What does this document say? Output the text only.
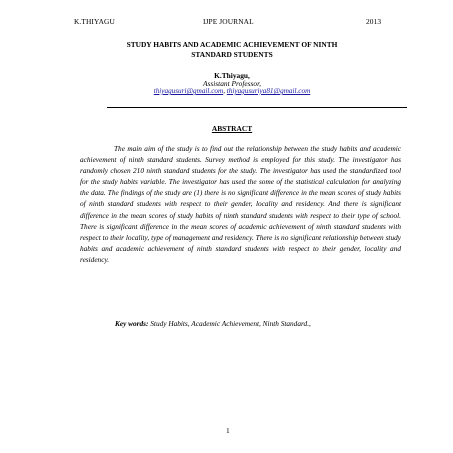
K.THIYAGU	IJPE JOURNAL	2013
STUDY HABITS AND ACADEMIC ACHIEVEMENT OF NINTH
STANDARD STUDENTS
K.Thiyagu,
Assistant Professor,
thiyagusuri@gmail.com, thiyagusuriya81@gmail.com
ABSTRACT

The main aim of the study is to find out the relationship between the study habits and academic achievement of ninth standard students. Survey method is employed for this study. The investigator has randomly chosen 210 ninth standard students for the study. The investigator has used the standardized tool for the study habits variable. The investigator has used the some of the statistical calculation for analyzing the data. The findings of the study are (1) there is no significant difference in the mean scores of study habits of ninth standard students with respect to their gender, locality and residency. And there is significant difference in the mean scores of study habits of ninth standard students with respect to their type of school. There is significant difference in the mean scores of academic achievement of ninth standard students with respect to their locality, type of management and residency. There is no significant relationship between study habits and academic achievement of ninth standard students with respect to their gender, locality and residency.

Key words: Study Habits, Academic Achievement, Ninth Standard.,
1
